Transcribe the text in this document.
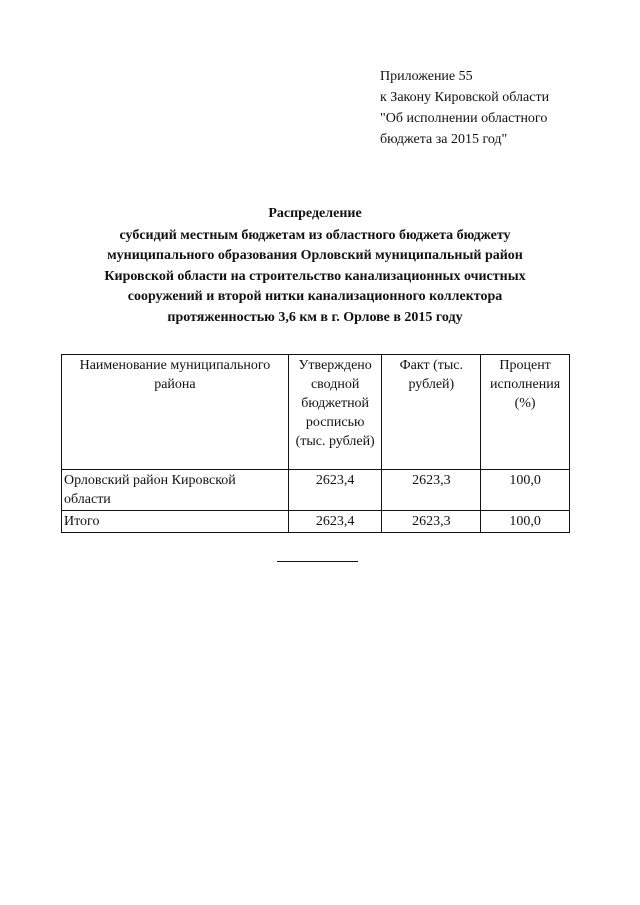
Приложение 55
к Закону Кировской области
"Об исполнении областного
бюджета за 2015 год"
Распределение
субсидий местным бюджетам из областного бюджета бюджету
муниципального образования Орловский муниципальный район
Кировской области на строительство канализационных очистных
сооружений и второй нитки канализационного коллектора
протяженностью 3,6 км в г. Орлове в 2015 году
Наименование муниципального района	Утверждено сводной бюджетной росписью (тыс. рублей)	Факт (тыс. рублей)	Процент исполнения (%)
Орловский район Кировской области	2623,4	2623,3	100,0
Итого	2623,4	2623,3	100,0
